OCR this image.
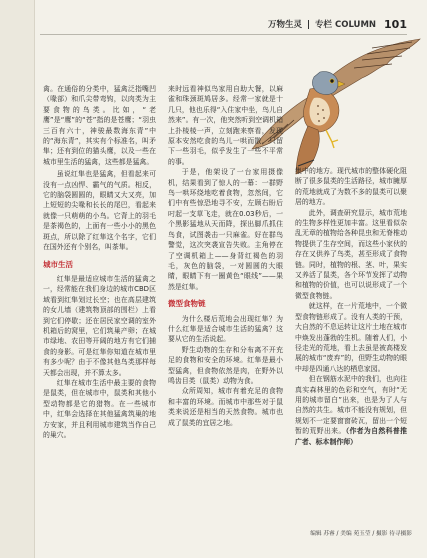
万物生灵 专栏 COLUMN 101

禽。在通俗的分类中，猛禽泛指嘴凹（喙部）和爪尖带弯钩，以肉类为主要食物的鸟类。比如，“老鹰”是“鹰”的“苍”指的是苍鹰；“羽虫三百有六十，神骏最数海东青”中的“海东青”，其实有个标准名，叫矛隼；还有到位的猫头鹰，以及一些在城市里生活的猛禽，这些都是猛禽。

虽说红隼也是猛禽，但看起来可没有一点凶悍、霸气的气质。相反，它的脑袋圆圆的，眼睛又大又亮，加上短短的尖喙和长长的尾巴，看起来就像一只萌萌的小鸟。它背上的羽毛是茶褐色的，上面有一些小小的黑色斑点，所以除了红隼这个名字，它们在国外还有个别名，叫茶隼。

城市生活

红隼是最适应城市生活的猛禽之一，经常能在我们身边的城市CBD区域看到红隼划过长空；也在高层建筑的女儿墙（建筑物顶部的围栏）上看到它们停歇；还在居民家空调的室外机箱后的窝里，它们筑巢产卵；在城市绿地、农田等开阔的地方有它们捕食的身影。可是红隼你知道在城市里有多少呢？由于不像其他鸟类那样每天都会出现，并不算太多。

红隼在城市生活中最主要的食物是鼠类，但在城市中，鼠类和其他小型动物都是它的猎物。在一些城市中，红隼会选择在其他猛禽筑巢的地方安家，并且利用城市建筑当作自己的巢穴。

来时远看神似鸟家用自助大餐，以麻雀和珠颈斑鸠居多。经常一家就是十几只，他也乐得“入住家中坐，鸟儿自然来”。有一次，他突然听到空调机箱上扑棱棱一声，立刻跑来察看，发现原本安然吃食的鸟儿一哄而散，只留下一些羽毛，似乎发生了一些不平常的事。

于是，他架设了一台家用摄像机，结果看到了惊人的一幕：一群野鸟一哄环绕地吃着食物，忽然间，它们中有些惊恐地寻不安，左顾右盼后叼起一支草飞走，就在0.03秒后，一个黑影猛地从天而降，探出脚爪抓住鸟食，试图袭击一只麻雀。好在群鸟警觉，这次突袭宣告失败。主角停在了空调机箱上——身背红褐色的羽毛，灰色的脑袋，一对圆圆的大眼睛，眼睛下有一圈黄色“眼线”——果然是红隼。

微型食物链

为什么楼后荒地会出现红隼？为什么红隼是适合城市生活的猛禽？这要从它的生活说起。

野生动物的生存和分布离不开充足的食物和安全的环境。红隼是最小型猛禽，但食物依然是肉，在野外以鸣齿目类（鼠类）动物为食。

众所周知，城市有着充足的食物和丰富的环境。而城市中那些对于鼠类来说还是相当的天然食物。城市也成了鼠类的宜居之地。

集中的地方。现代城市的整体硬化阻断了很多鼠类的生活路径，城市臃厚的荒地就成了为数不多的鼠类可以聚居的地方。

此外，调查研究显示，城市荒地的生物多样性更加丰富。这里看似杂乱无章的植物给各种昆虫和无脊椎动物提供了生存空间，而这些小家伙的存在又供养了鸟类，甚至形成了食物链。同时，植物的根、茎、叶，果实又养活了鼠类，各个环节发挥了动物和植物的价值，也可以说形成了一个微型食物链。

就这样，在一片荒地中，一个微型食物链形成了。没有人类的干预，大自然的不息运转让这片土地在城市中焕发出蓬勃的生机。随着人们，小径走光的荒地，看上去虽是被高楼发展的城市“废弃”的，但野生动物的眼中却是四通八达的栖息家园。

但在钢筋水泥中的我们，也向往真实森林里的色彩和空气，有时“无用的城市留白”出来，也是为了人与自然的共生。城市不能没有规划，但规划不一定要窗窗砖瓦，留出一个短暂的荒野出来。（作者为自然科普推广者、标本制作师）

编辑 苏睿 / 美编 苑玉莹 / 摄影 待寻摄影
